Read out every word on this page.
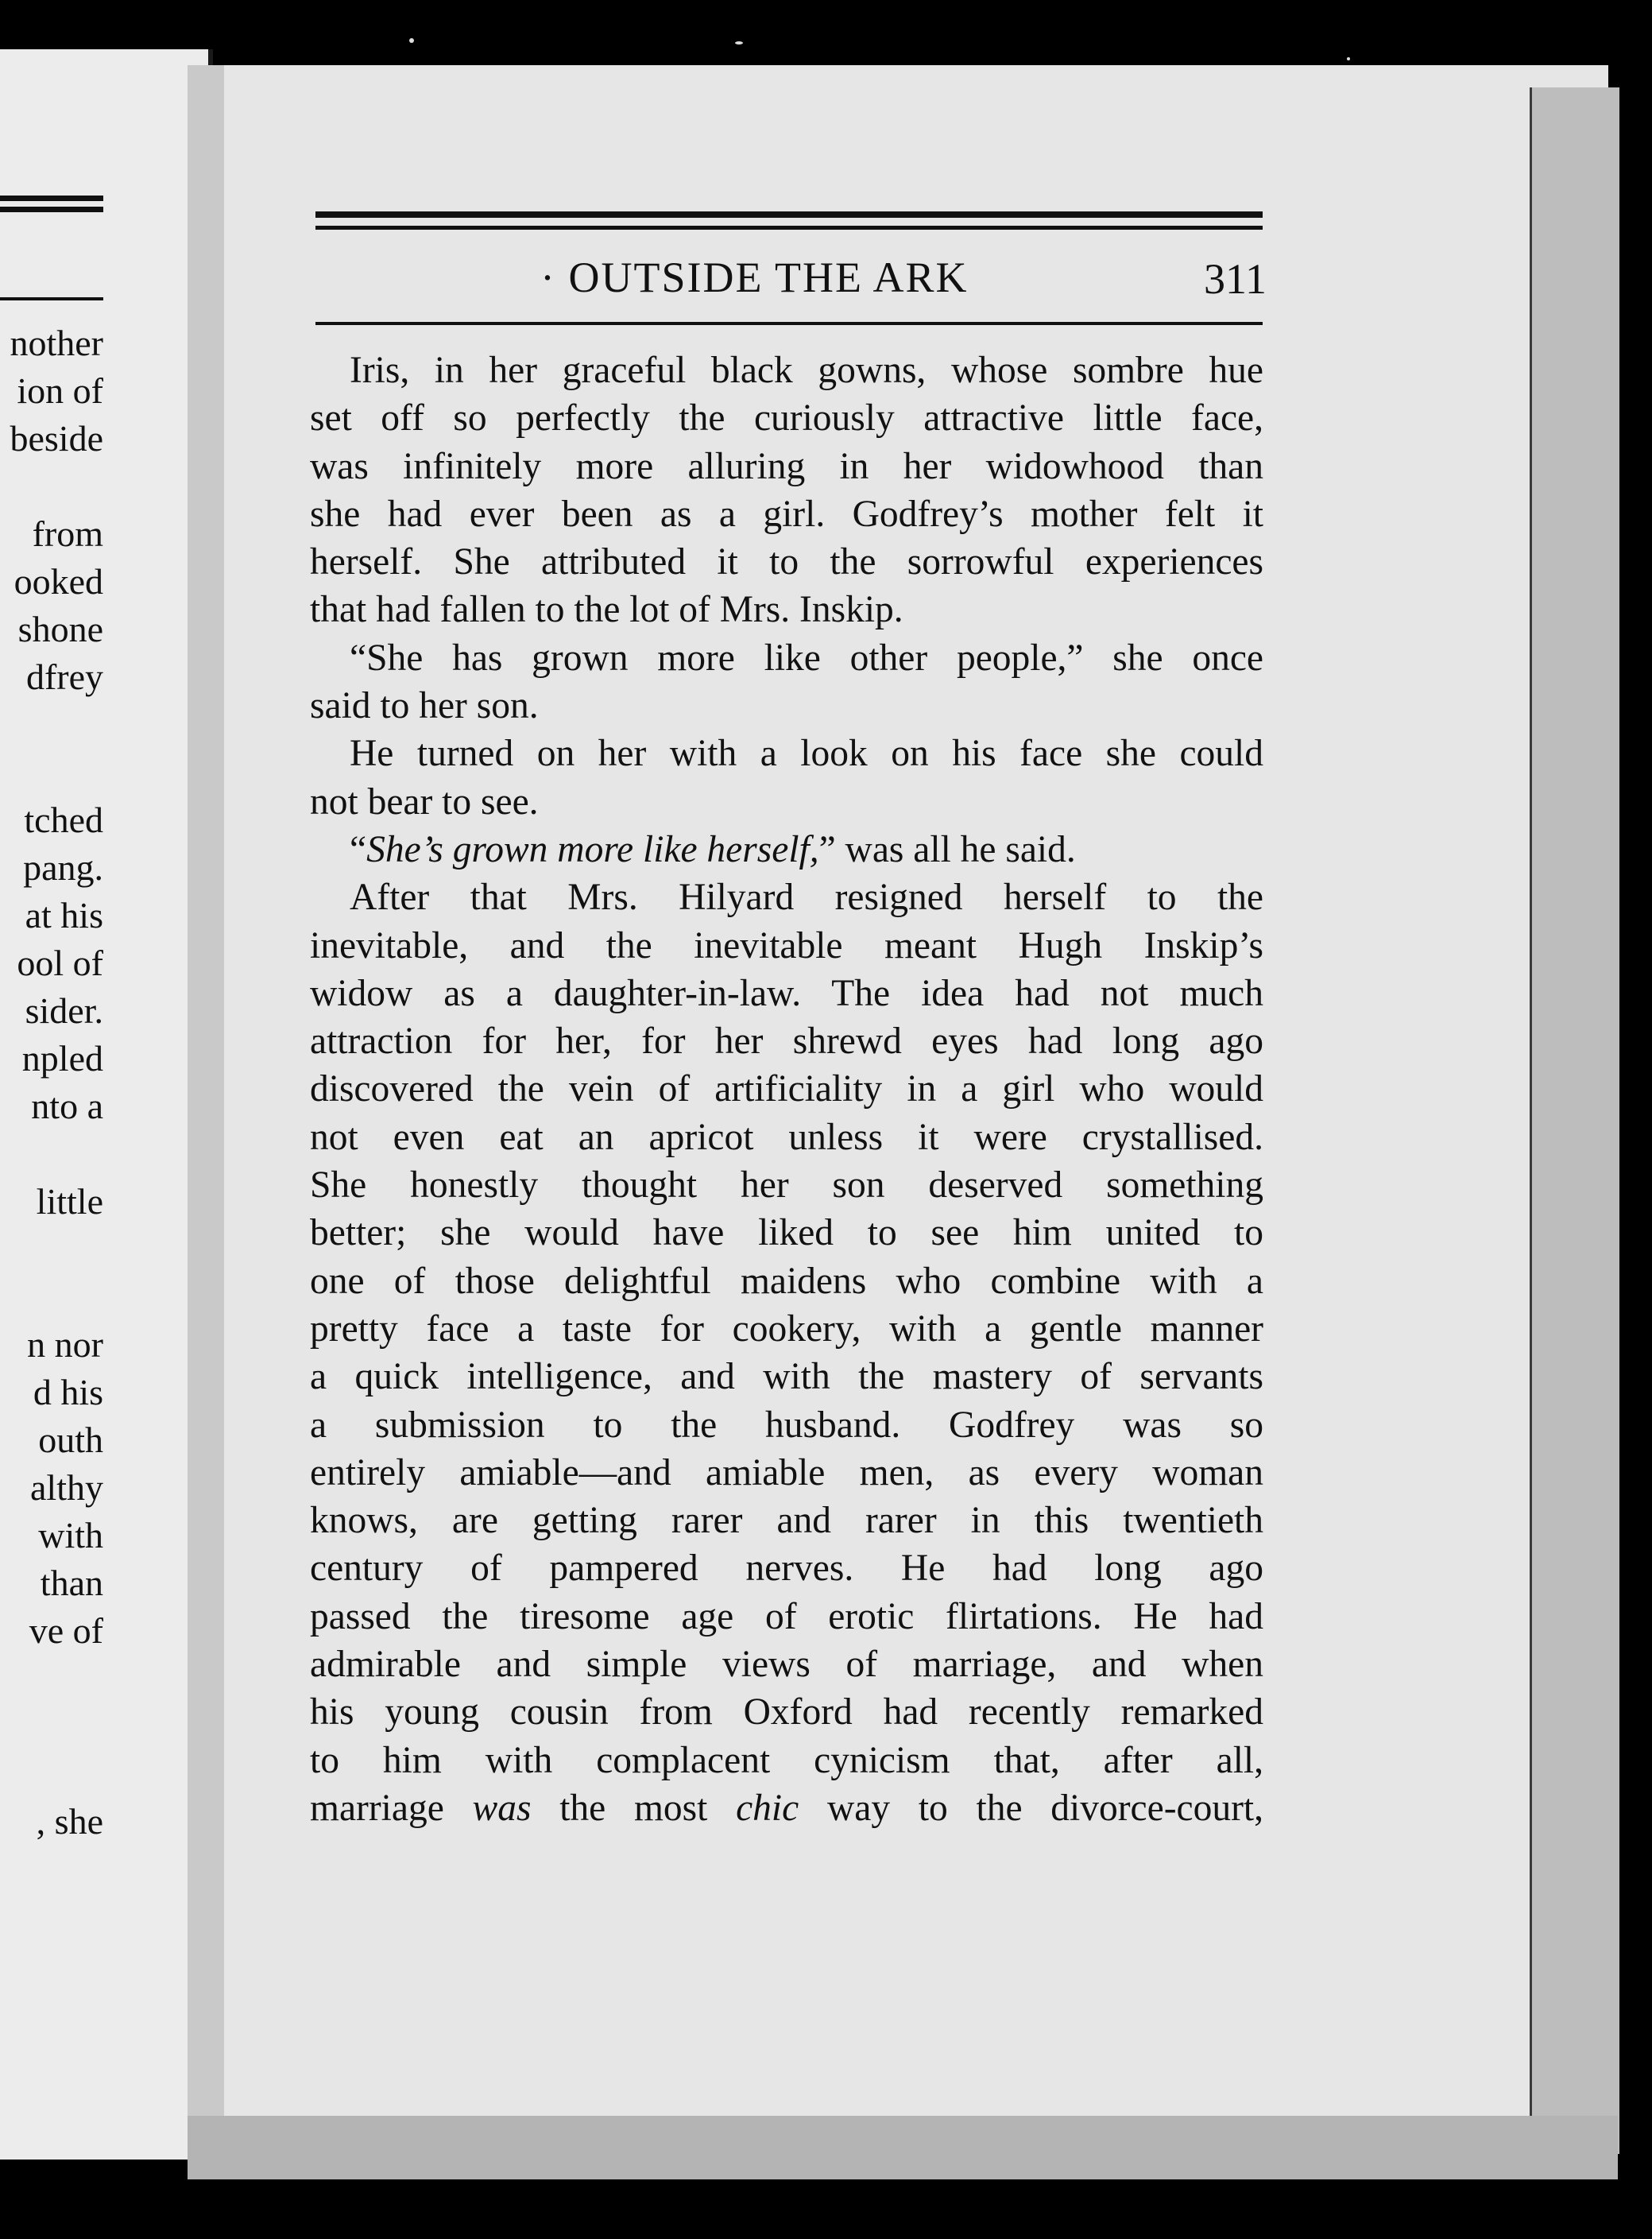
nother
ion of
beside
from
ooked
shone
dfrey
tched
pang.
at his
ool of
sider.
npled
nto a
little
n nor
d his
outh
althy
with
than
ve of
, she
· OUTSIDE THE ARK	311
Iris, in her graceful black gowns, whose sombre hue
set off so perfectly the curiously attractive little face,
was infinitely more alluring in her widowhood than
she had ever been as a girl. Godfrey’s mother felt it
herself. She attributed it to the sorrowful experiences
that had fallen to the lot of Mrs. Inskip.
“She has grown more like other people,” she once
said to her son.
He turned on her with a look on his face she could
not bear to see.
“She’s grown more like herself,” was all he said.
After that Mrs. Hilyard resigned herself to the
inevitable, and the inevitable meant Hugh Inskip’s
widow as a daughter-in-law. The idea had not much
attraction for her, for her shrewd eyes had long ago
discovered the vein of artificiality in a girl who would
not even eat an apricot unless it were crystallised.
She honestly thought her son deserved something
better; she would have liked to see him united to
one of those delightful maidens who combine with a
pretty face a taste for cookery, with a gentle manner
a quick intelligence, and with the mastery of servants
a submission to the husband. Godfrey was so
entirely amiable—and amiable men, as every woman
knows, are getting rarer and rarer in this twentieth
century of pampered nerves. He had long ago
passed the tiresome age of erotic flirtations. He had
admirable and simple views of marriage, and when
his young cousin from Oxford had recently remarked
to him with complacent cynicism that, after all,
marriage was the most chic way to the divorce-court,
